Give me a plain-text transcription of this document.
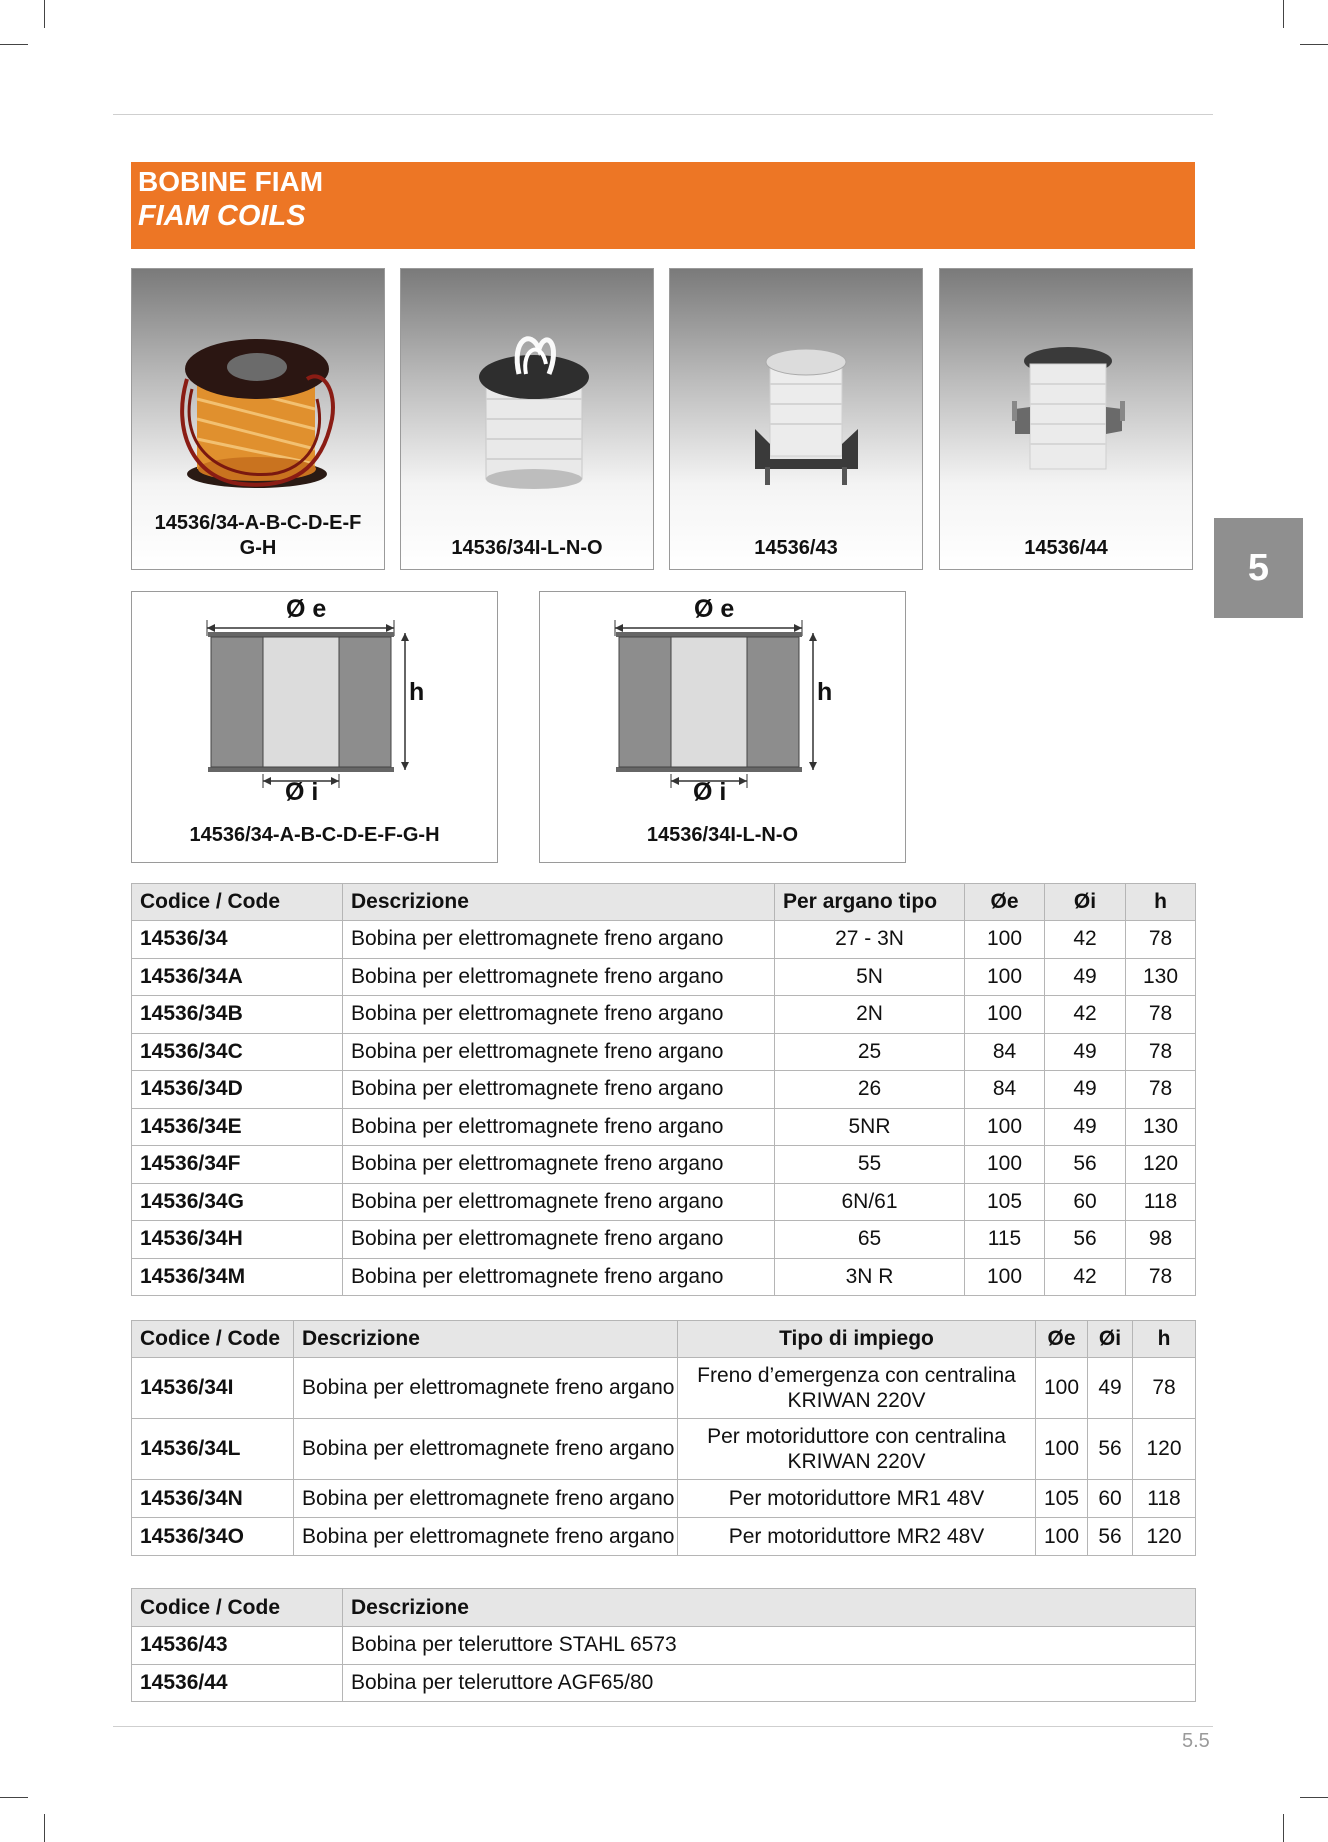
BOBINE FIAM
FIAM COILS
5
14536/34-A-B-C-D-E-F
G-H	14536/34I-L-N-O	14536/43	14536/44
Ø e
h
Ø i
14536/34-A-B-C-D-E-F-G-H
Ø e
h
Ø i
14536/34I-L-N-O
Codice / Code	Descrizione	Per argano tipo	Øe	Øi	h
14536/34	Bobina per elettromagnete freno argano	27 - 3N	100	42	78
14536/34A	Bobina per elettromagnete freno argano	5N	100	49	130
14536/34B	Bobina per elettromagnete freno argano	2N	100	42	78
14536/34C	Bobina per elettromagnete freno argano	25	84	49	78
14536/34D	Bobina per elettromagnete freno argano	26	84	49	78
14536/34E	Bobina per elettromagnete freno argano	5NR	100	49	130
14536/34F	Bobina per elettromagnete freno argano	55	100	56	120
14536/34G	Bobina per elettromagnete freno argano	6N/61	105	60	118
14536/34H	Bobina per elettromagnete freno argano	65	115	56	98
14536/34M	Bobina per elettromagnete freno argano	3N R	100	42	78
Codice / Code	Descrizione	Tipo di impiego	Øe	Øi	h
14536/34I	Bobina per elettromagnete freno argano	Freno d’emergenza con centralina KRIWAN 220V	100	49	78
14536/34L	Bobina per elettromagnete freno argano	Per motoriduttore con centralina KRIWAN 220V	100	56	120
14536/34N	Bobina per elettromagnete freno argano	Per motoriduttore MR1 48V	105	60	118
14536/34O	Bobina per elettromagnete freno argano	Per motoriduttore MR2 48V	100	56	120
Codice / Code	Descrizione
14536/43	Bobina per teleruttore STAHL 6573
14536/44	Bobina per teleruttore AGF65/80
5.5
